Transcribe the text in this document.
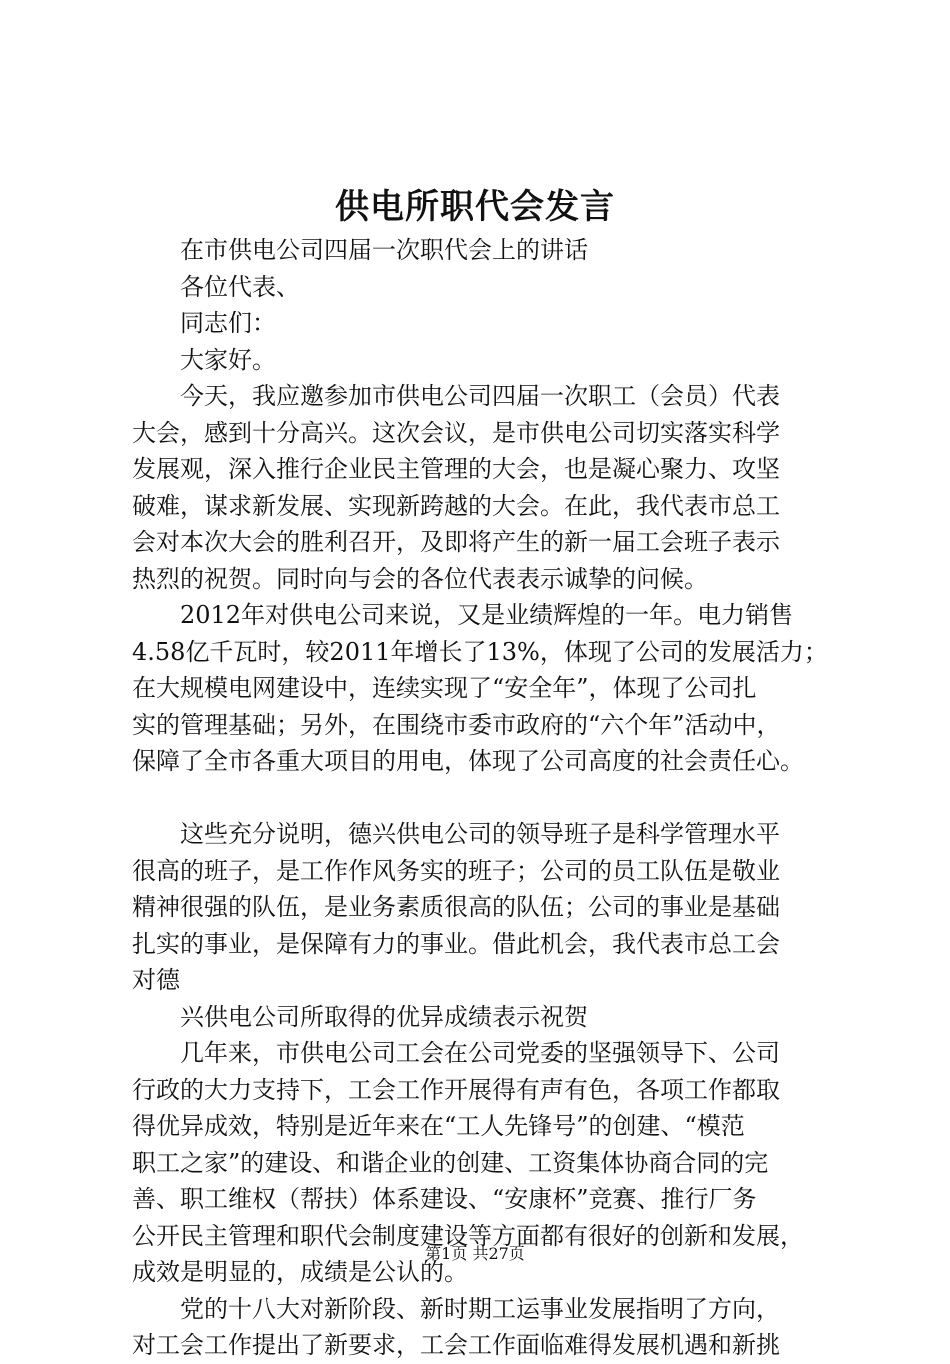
供电所职代会发言
在市供电公司四届一次职代会上的讲话
各位代表、
同志们：
大家好。
今天，我应邀参加市供电公司四届一次职工（会员）代表
大会，感到十分高兴。这次会议，是市供电公司切实落实科学
发展观，深入推行企业民主管理的大会，也是凝心聚力、攻坚
破难，谋求新发展、实现新跨越的大会。在此，我代表市总工
会对本次大会的胜利召开，及即将产生的新一届工会班子表示
热烈的祝贺。同时向与会的各位代表表示诚挚的问候。
2012年对供电公司来说，又是业绩辉煌的一年。电力销售
4.58亿千瓦时，较2011年增长了13%，体现了公司的发展活力；
在大规模电网建设中，连续实现了“安全年”，体现了公司扎
实的管理基础；另外，在围绕市委市政府的“六个年”活动中，
保障了全市各重大项目的用电，体现了公司高度的社会责任心。
这些充分说明，德兴供电公司的领导班子是科学管理水平
很高的班子，是工作作风务实的班子；公司的员工队伍是敬业
精神很强的队伍，是业务素质很高的队伍；公司的事业是基础
扎实的事业，是保障有力的事业。借此机会，我代表市总工会
对德
兴供电公司所取得的优异成绩表示祝贺
几年来，市供电公司工会在公司党委的坚强领导下、公司
行政的大力支持下，工会工作开展得有声有色，各项工作都取
得优异成效，特别是近年来在“工人先锋号”的创建、“模范
职工之家”的建设、和谐企业的创建、工资集体协商合同的完
善、职工维权（帮扶）体系建设、“安康杯”竞赛、推行厂务
公开民主管理和职代会制度建设等方面都有很好的创新和发展，
成效是明显的，成绩是公认的。
党的十八大对新阶段、新时期工运事业发展指明了方向，
对工会工作提出了新要求，工会工作面临难得发展机遇和新挑
第1页 共27页
